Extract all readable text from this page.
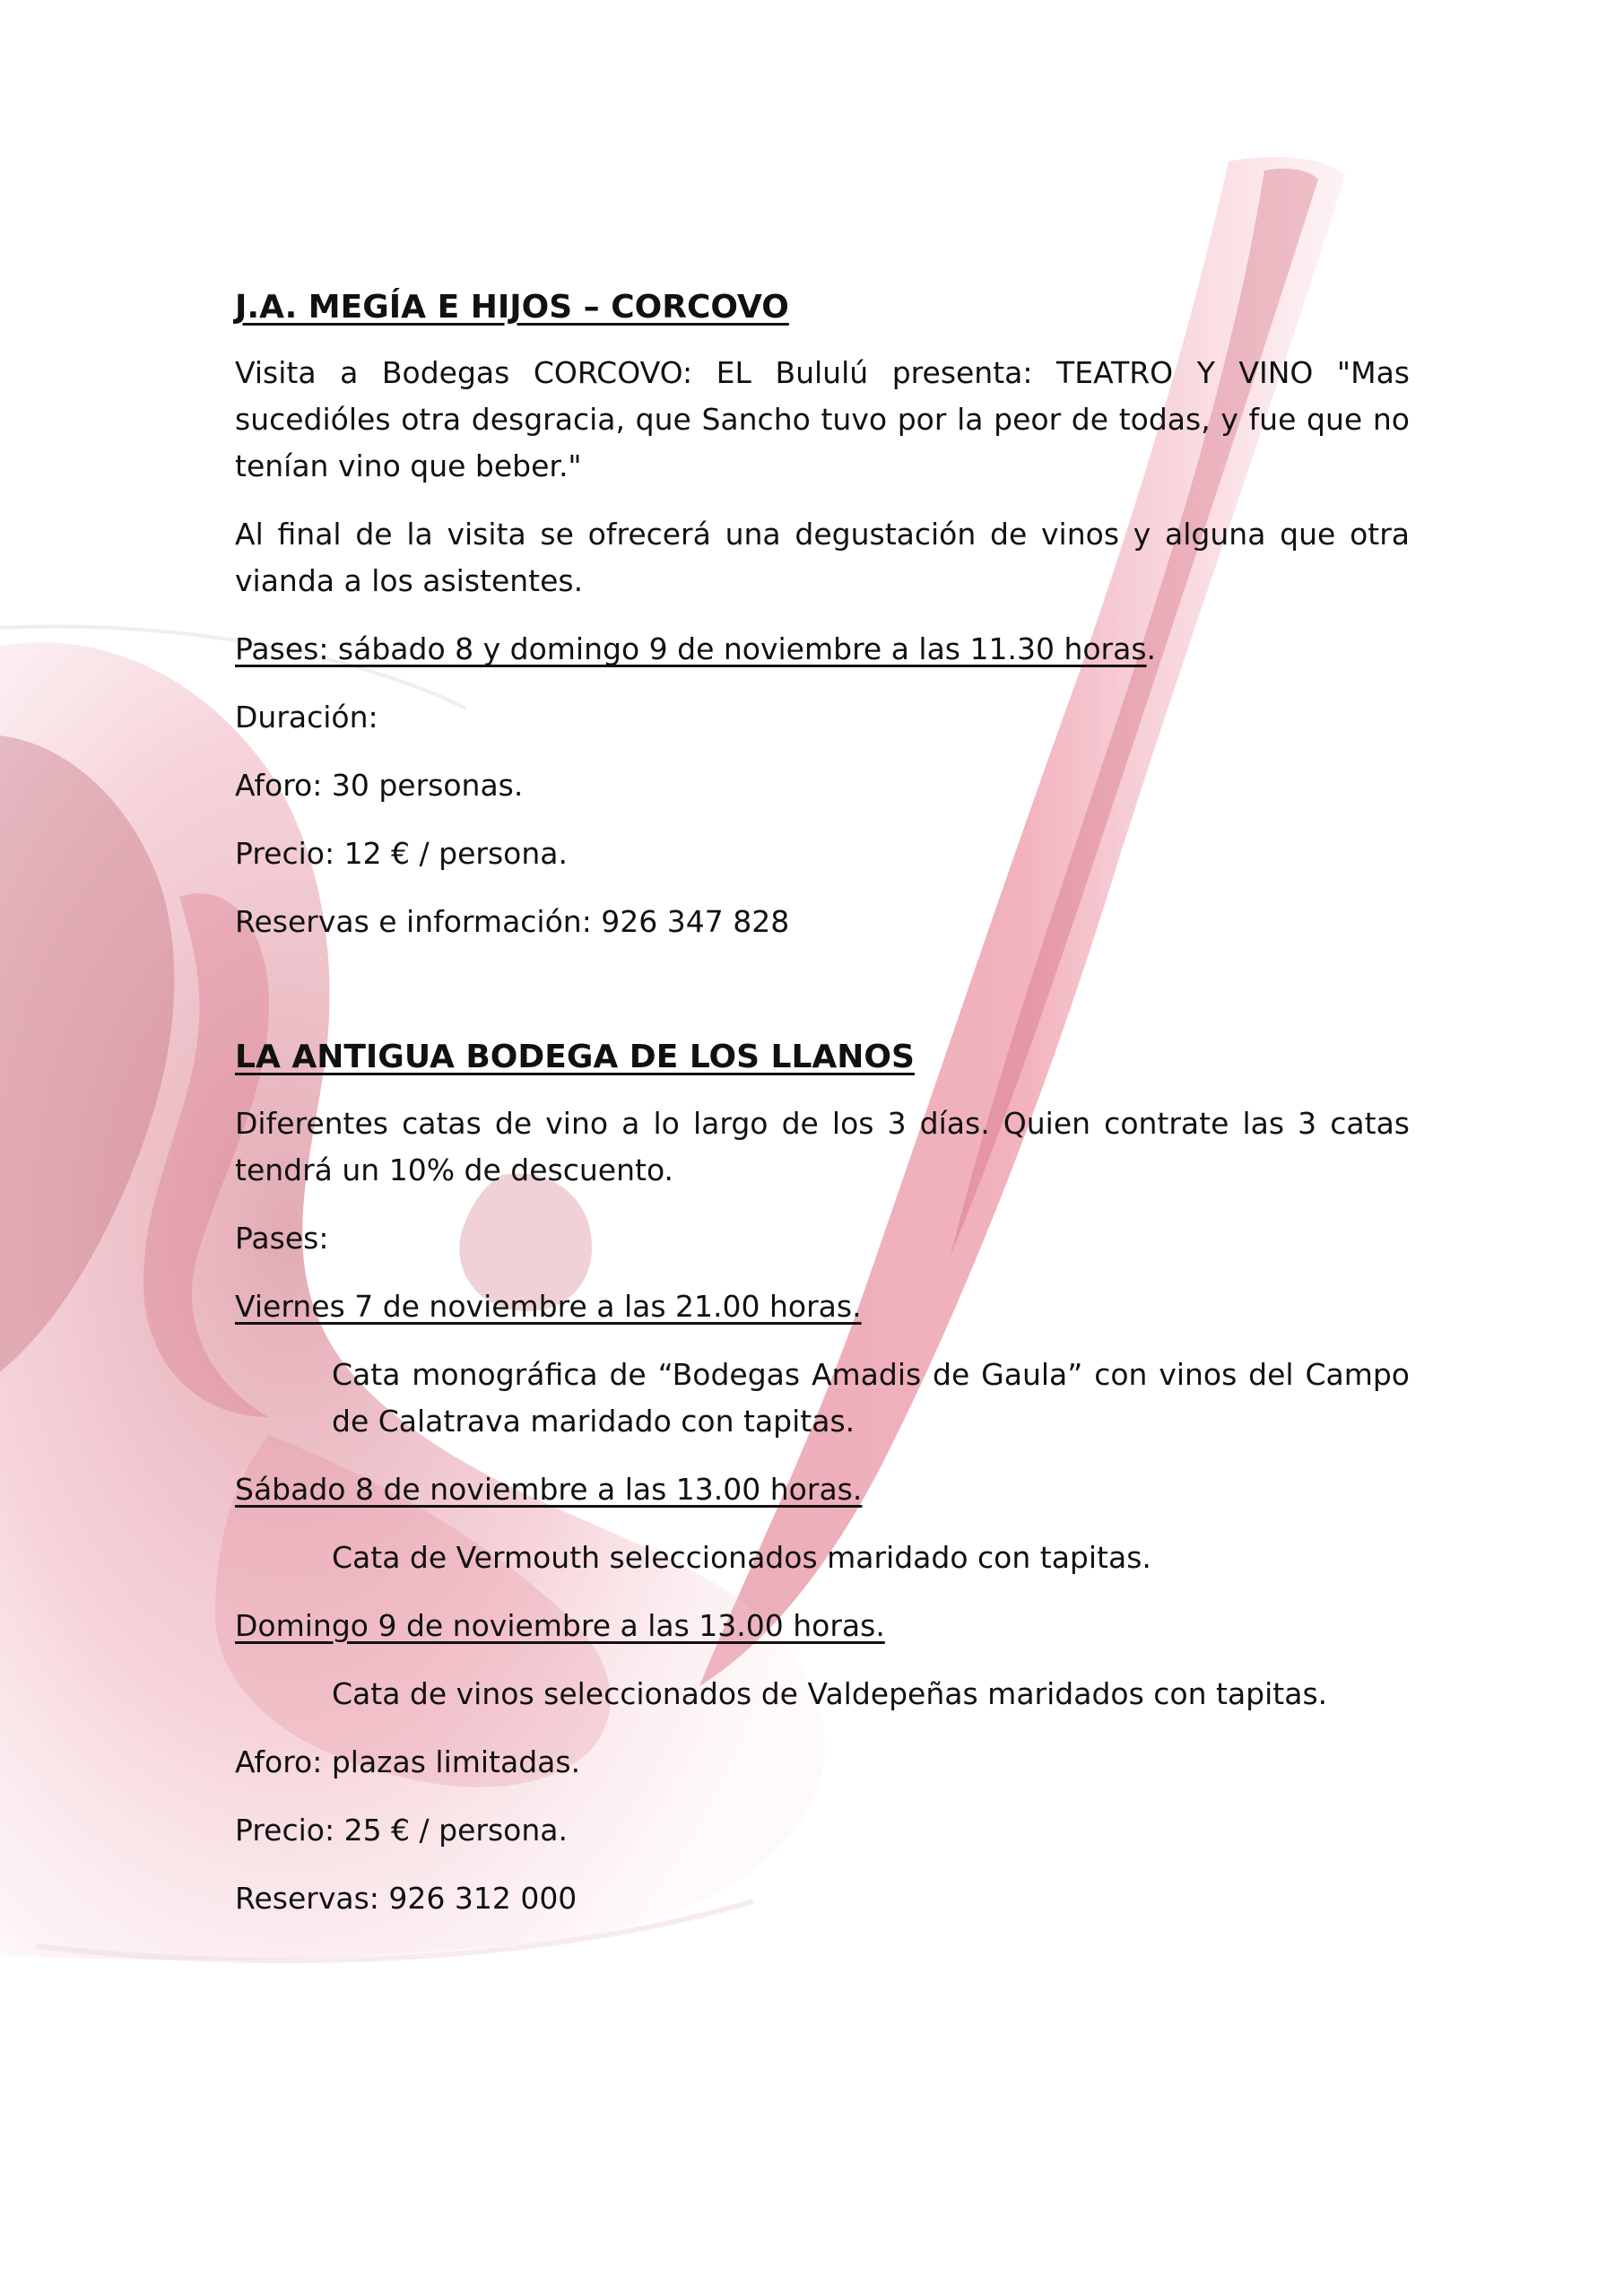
J.A. MEGÍA E HIJOS – CORCOVO

Visita a Bodegas CORCOVO: EL Bululú presenta: TEATRO Y VINO "Mas sucedióles otra desgracia, que Sancho tuvo por la peor de todas, y fue que no tenían vino que beber."

Al final de la visita se ofrecerá una degustación de vinos y alguna que otra vianda a los asistentes.

Pases: sábado 8 y domingo 9 de noviembre a las 11.30 horas.

Duración:

Aforo: 30 personas.

Precio: 12 € / persona.

Reservas e información: 926 347 828

LA ANTIGUA BODEGA DE LOS LLANOS

Diferentes catas de vino a lo largo de los 3 días. Quien contrate las 3 catas tendrá un 10% de descuento.

Pases:

Viernes 7 de noviembre a las 21.00 horas.

Cata monográfica de “Bodegas Amadis de Gaula” con vinos del Campo de Calatrava maridado con tapitas.

Sábado 8 de noviembre a las 13.00 horas.

Cata de Vermouth seleccionados maridado con tapitas.

Domingo 9 de noviembre a las 13.00 horas.

Cata de vinos seleccionados de Valdepeñas maridados con tapitas.

Aforo: plazas limitadas.

Precio: 25 € / persona.

Reservas: 926 312 000
